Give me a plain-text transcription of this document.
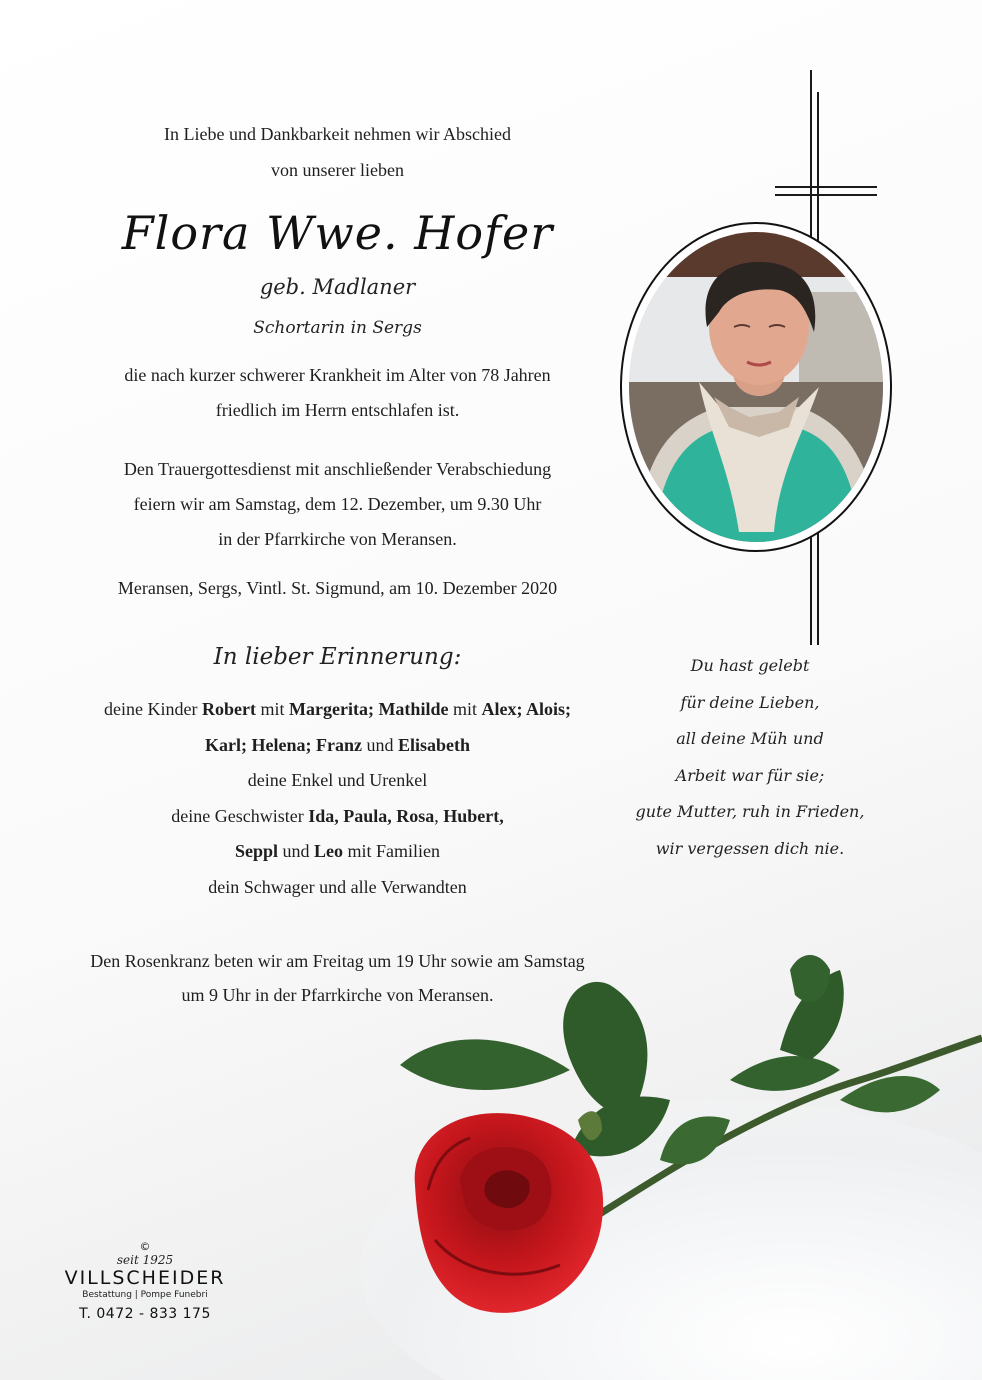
In Liebe und Dankbarkeit nehmen wir Abschied
von unserer lieben
Flora Wwe. Hofer
geb. Madlaner
Schortarin in Sergs
die nach kurzer schwerer Krankheit im Alter von 78 Jahren
friedlich im Herrn entschlafen ist.
Den Trauergottesdienst mit anschließender Verabschiedung
feiern wir am Samstag, dem 12. Dezember, um 9.30 Uhr
in der Pfarrkirche von Meransen.
Meransen, Sergs, Vintl. St. Sigmund, am 10. Dezember 2020
In lieber Erinnerung:
deine Kinder Robert mit Margerita; Mathilde mit Alex; Alois;
Karl; Helena; Franz und Elisabeth
deine Enkel und Urenkel
deine Geschwister Ida, Paula, Rosa, Hubert,
Seppl und Leo mit Familien
dein Schwager und alle Verwandten
Den Rosenkranz beten wir am Freitag um 19 Uhr sowie am Samstag
um 9 Uhr in der Pfarrkirche von Meransen.
Du hast gelebt
für deine Lieben,
all deine Müh und
Arbeit war für sie;
gute Mutter, ruh in Frieden,
wir vergessen dich nie.
©
seit 1925
VILLSCHEIDER
Bestattung | Pompe Funebri
T. 0472 - 833 175
